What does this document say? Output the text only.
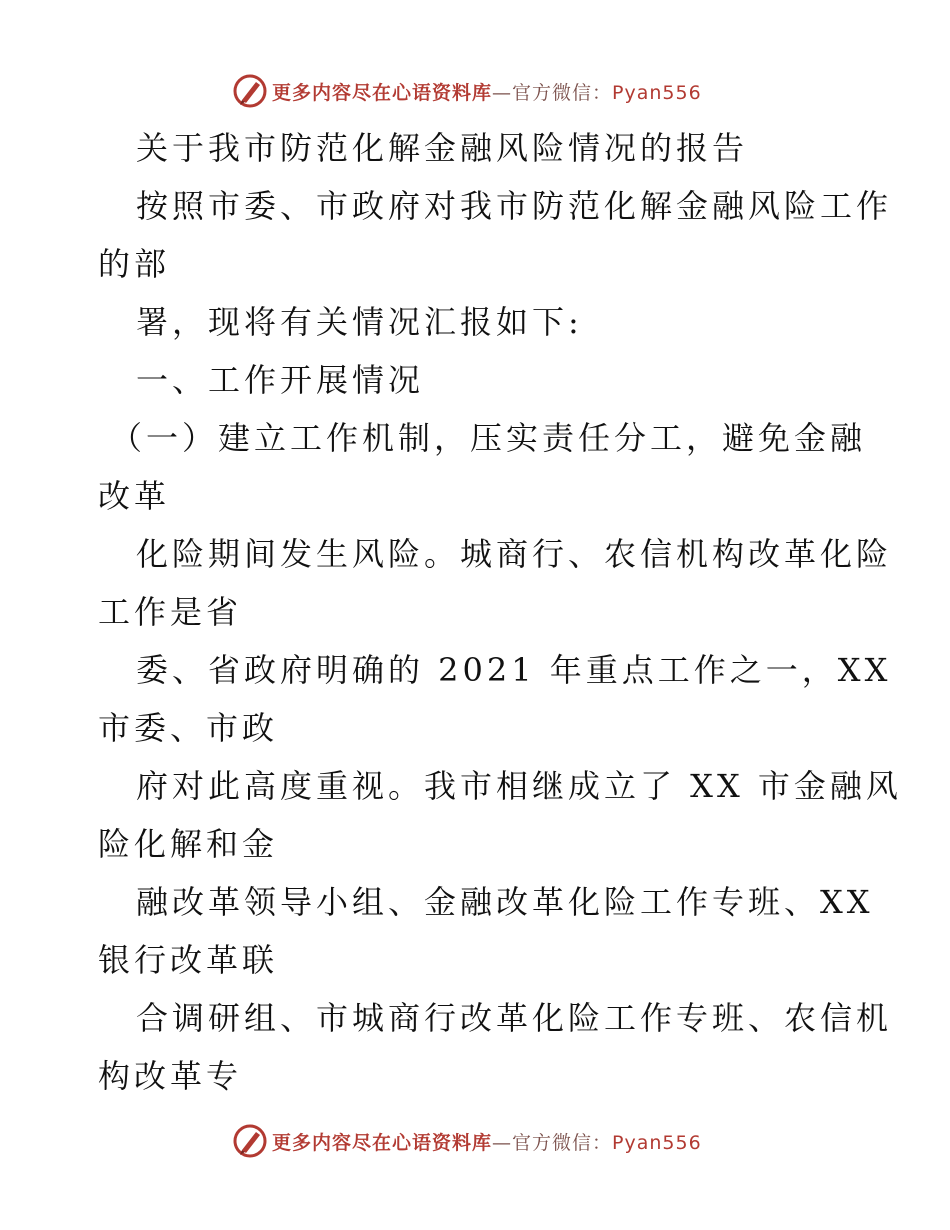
更多内容尽在心语资料库—官方微信：Pyan556
关于我市防范化解金融风险情况的报告
按照市委、市政府对我市防范化解金融风险工作
的部
署，现将有关情况汇报如下:
一、工作开展情况
（一）建立工作机制，压实责任分工，避免金融
改革
化险期间发生风险。城商行、农信机构改革化险
工作是省
委、省政府明确的 2021 年重点工作之一，XX
市委、市政
府对此高度重视。我市相继成立了 XX 市金融风
险化解和金
融改革领导小组、金融改革化险工作专班、XX
银行改革联
合调研组、市城商行改革化险工作专班、农信机
构改革专
更多内容尽在心语资料库—官方微信：Pyan556
